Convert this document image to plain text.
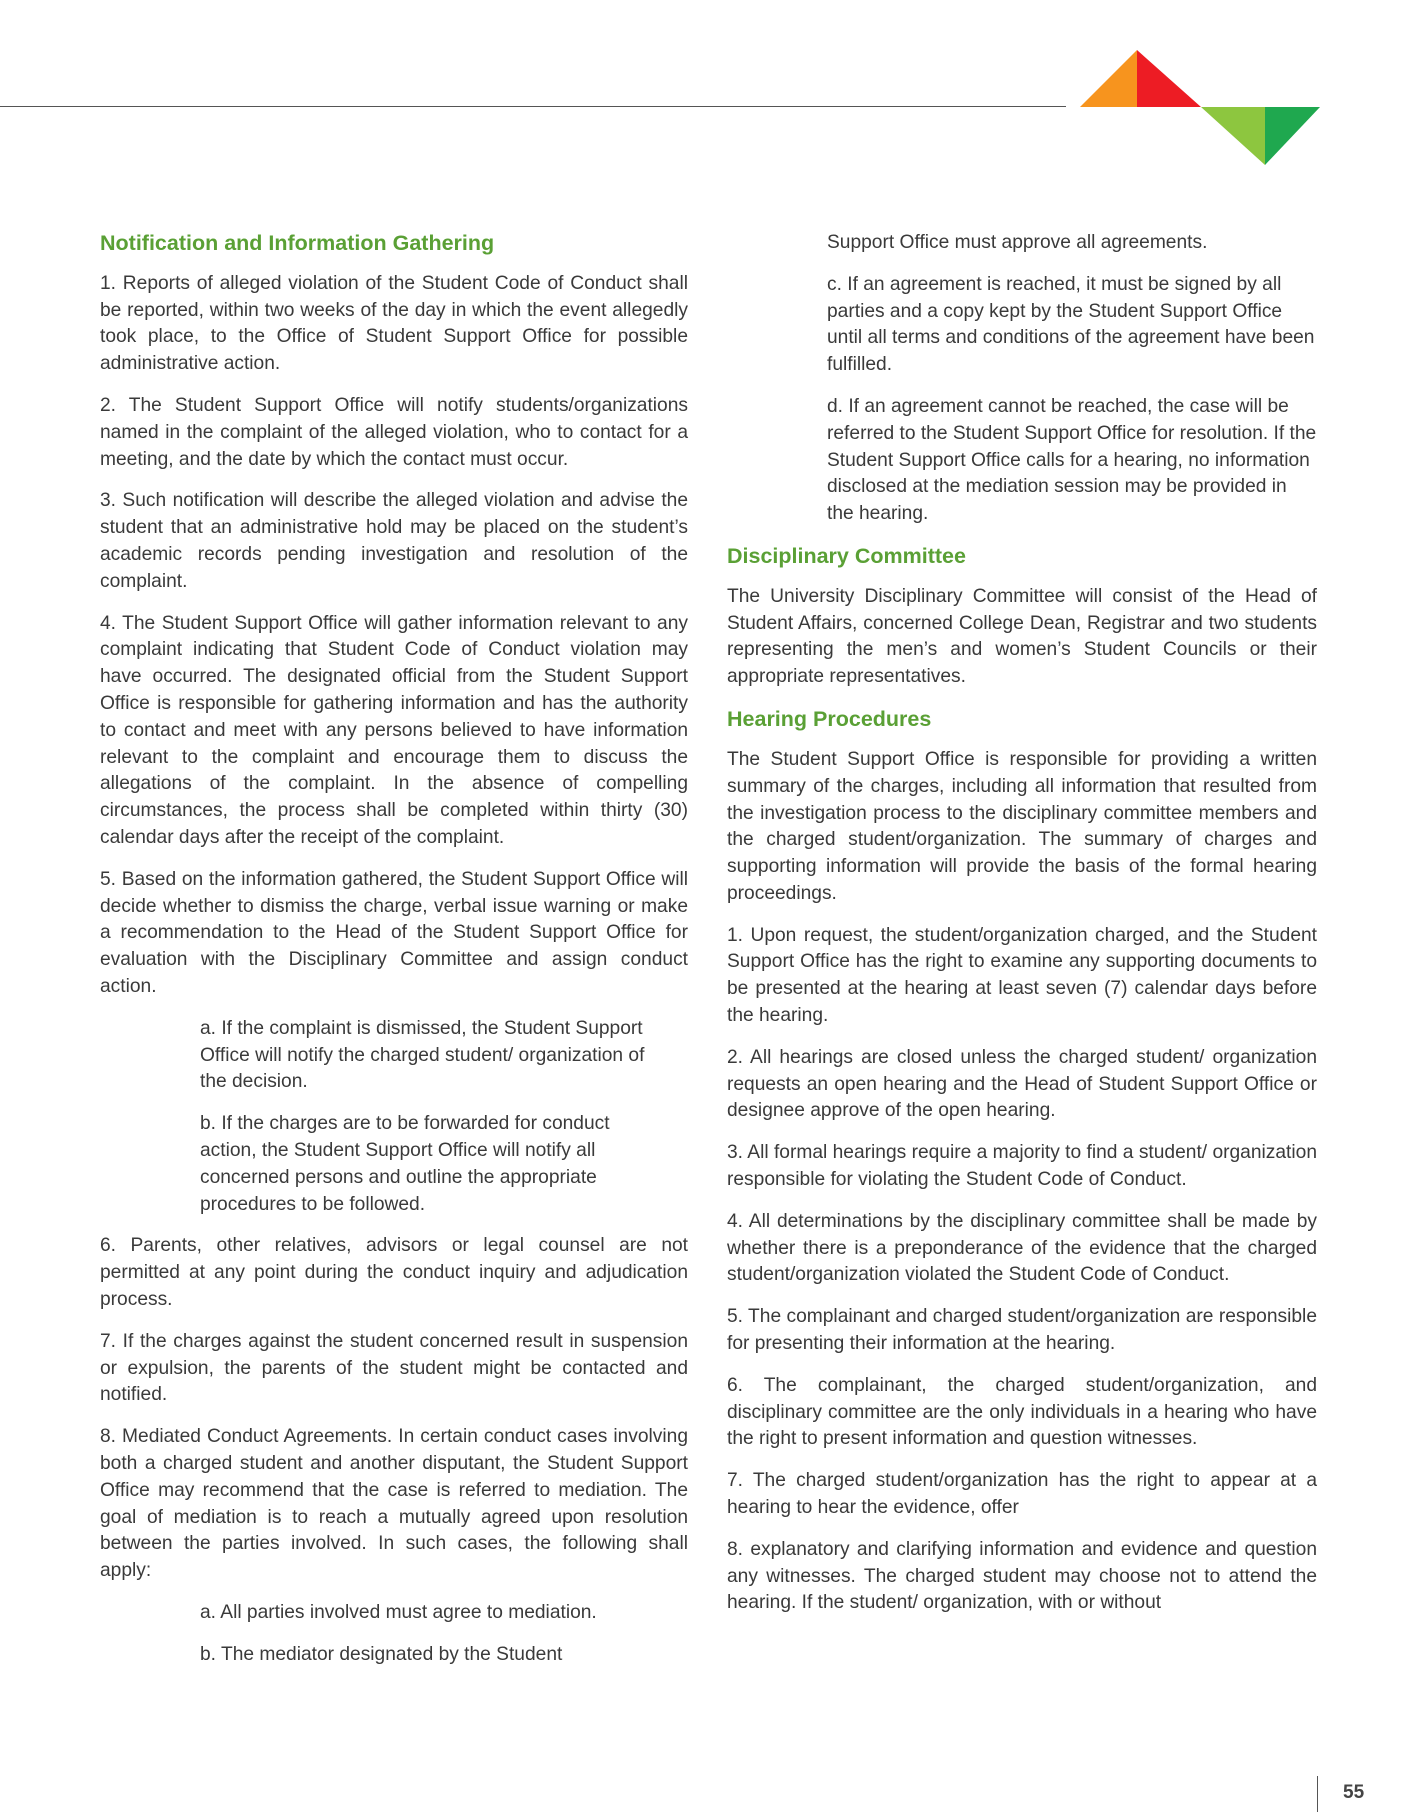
Notification and Information Gathering

1. Reports of alleged violation of the Student Code of Conduct shall be reported, within two weeks of the day in which the event allegedly took place, to the Office of Student Support Office for possible administrative action.

2. The Student Support Office will notify students/organizations named in the complaint of the alleged violation, who to contact for a meeting, and the date by which the contact must occur.

3. Such notification will describe the alleged violation and advise the student that an administrative hold may be placed on the student’s academic records pending investigation and resolution of the complaint.

4. The Student Support Office will gather information relevant to any complaint indicating that Student Code of Conduct violation may have occurred. The designated official from the Student Support Office is responsible for gathering information and has the authority to contact and meet with any persons believed to have information relevant to the complaint and encourage them to discuss the allegations of the complaint. In the absence of compelling circumstances, the process shall be completed within thirty (30) calendar days after the receipt of the complaint.

5. Based on the information gathered, the Student Support Office will decide whether to dismiss the charge, verbal issue warning or make a recommendation to the Head of the Student Support Office for evaluation with the Disciplinary Committee and assign conduct action.

a. If the complaint is dismissed, the Student Support Office will notify the charged student/ organization of the decision.

b. If the charges are to be forwarded for conduct action, the Student Support Office will notify all concerned persons and outline the appropriate procedures to be followed.

6. Parents, other relatives, advisors or legal counsel are not permitted at any point during the conduct inquiry and adjudication process.

7. If the charges against the student concerned result in suspension or expulsion, the parents of the student might be contacted and notified.

8. Mediated Conduct Agreements. In certain conduct cases involving both a charged student and another disputant, the Student Support Office may recommend that the case is referred to mediation. The goal of mediation is to reach a mutually agreed upon resolution between the parties involved. In such cases, the following shall apply:

a. All parties involved must agree to mediation.

b. The mediator designated by the Student

Support Office must approve all agreements.

c. If an agreement is reached, it must be signed by all parties and a copy kept by the Student Support Office until all terms and conditions of the agreement have been fulfilled.

d. If an agreement cannot be reached, the case will be referred to the Student Support Office for resolution. If the Student Support Office calls for a hearing, no information disclosed at the mediation session may be provided in the hearing.

Disciplinary Committee

The University Disciplinary Committee will consist of the Head of Student Affairs, concerned College Dean, Registrar and two students representing the men’s and women’s Student Councils or their appropriate representatives.

Hearing Procedures

The Student Support Office is responsible for providing a written summary of the charges, including all information that resulted from the investigation process to the disciplinary committee members and the charged student/organization. The summary of charges and supporting information will provide the basis of the formal hearing proceedings.

1. Upon request, the student/organization charged, and the Student Support Office has the right to examine any supporting documents to be presented at the hearing at least seven (7) calendar days before the hearing.

2. All hearings are closed unless the charged student/ organization requests an open hearing and the Head of Student Support Office or designee approve of the open hearing.

3. All formal hearings require a majority to find a student/ organization responsible for violating the Student Code of Conduct.

4. All determinations by the disciplinary committee shall be made by whether there is a preponderance of the evidence that the charged student/organization violated the Student Code of Conduct.

5. The complainant and charged student/organization are responsible for presenting their information at the hearing.

6. The complainant, the charged student/organization, and disciplinary committee are the only individuals in a hearing who have the right to present information and question witnesses.

7. The charged student/organization has the right to appear at a hearing to hear the evidence, offer

8. explanatory and clarifying information and evidence and question any witnesses. The charged student may choose not to attend the hearing. If the student/ organization, with or without

55
